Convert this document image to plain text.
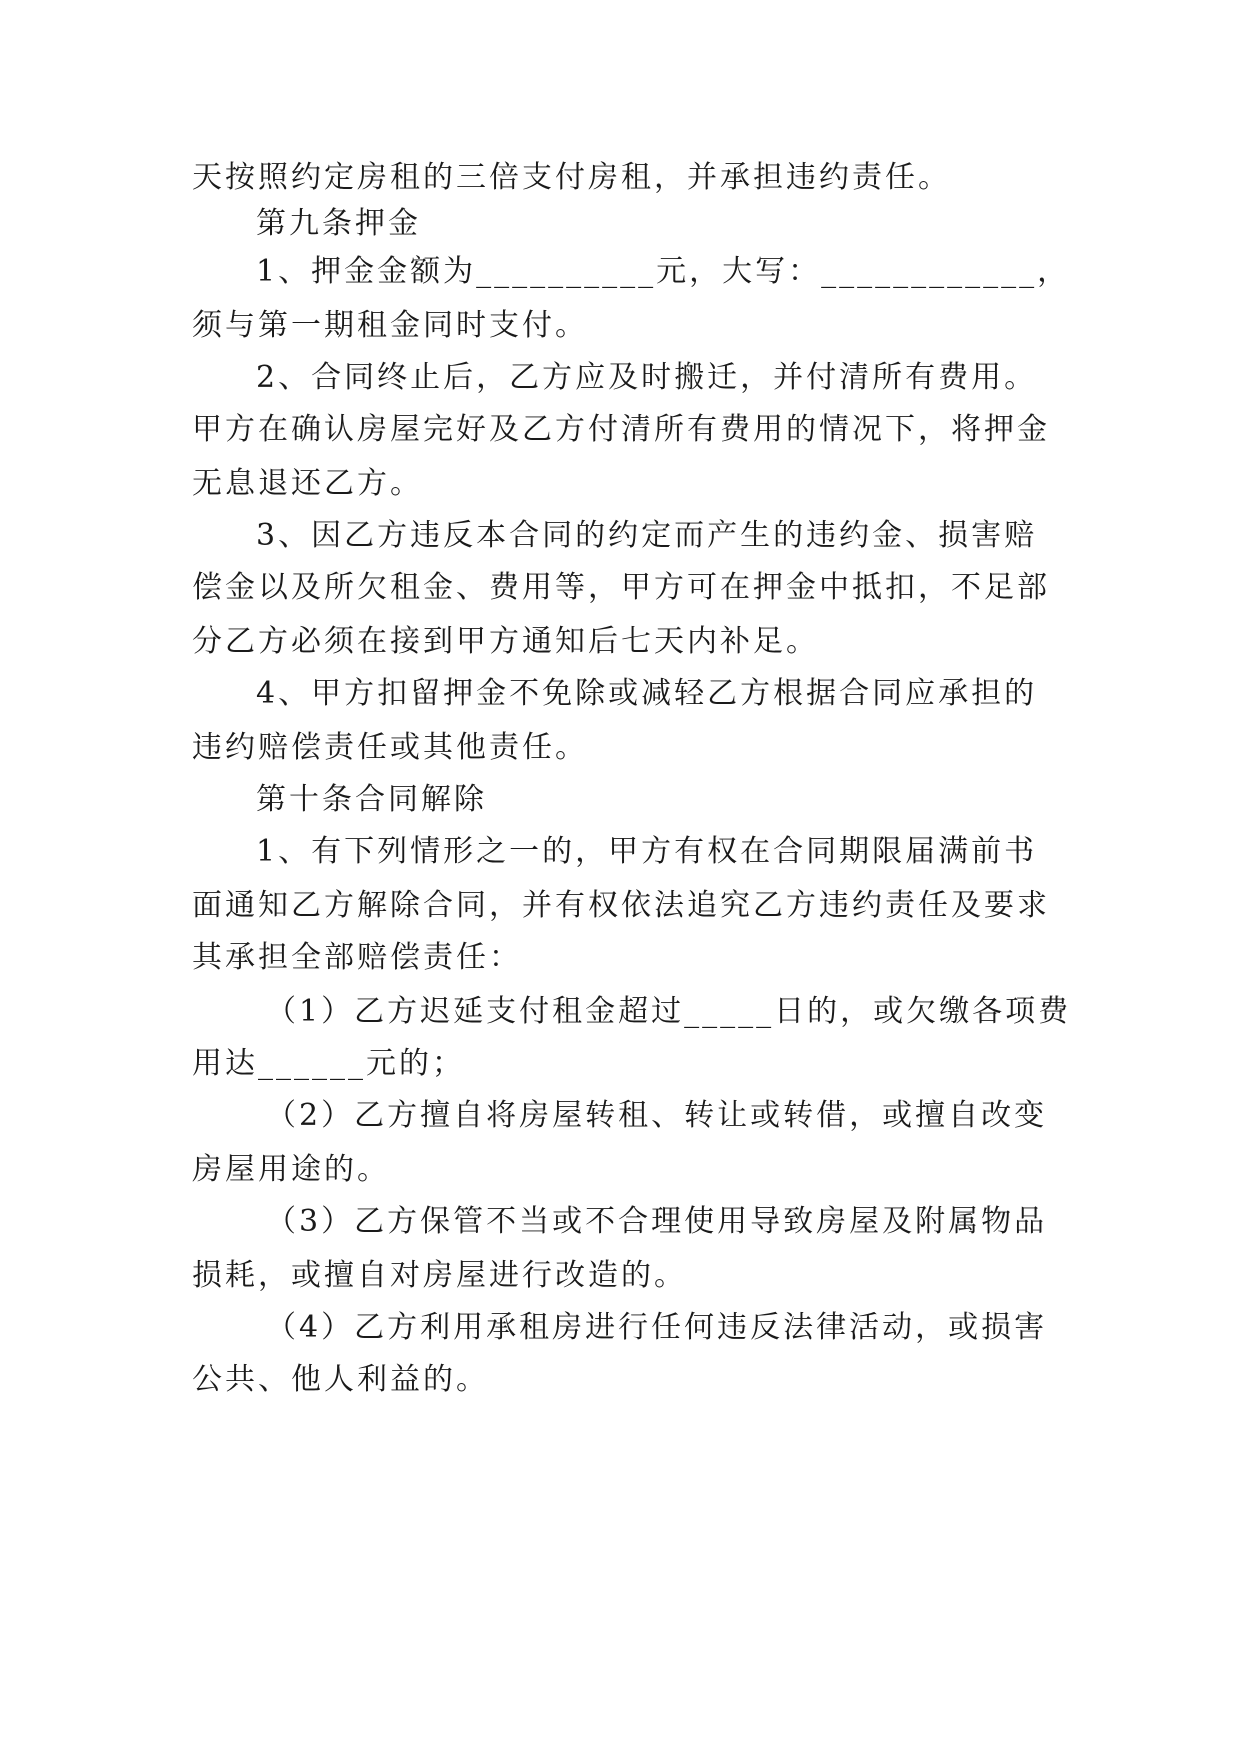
天按照约定房租的三倍支付房租，并承担违约责任。
第九条押金
1、押金金额为__________元，大写：____________，
须与第一期租金同时支付。
2、合同终止后，乙方应及时搬迁，并付清所有费用。
甲方在确认房屋完好及乙方付清所有费用的情况下，将押金
无息退还乙方。
3、因乙方违反本合同的约定而产生的违约金、损害赔
偿金以及所欠租金、费用等，甲方可在押金中抵扣，不足部
分乙方必须在接到甲方通知后七天内补足。
4、甲方扣留押金不免除或减轻乙方根据合同应承担的
违约赔偿责任或其他责任。
第十条合同解除
1、有下列情形之一的，甲方有权在合同期限届满前书
面通知乙方解除合同，并有权依法追究乙方违约责任及要求
其承担全部赔偿责任：
（1）乙方迟延支付租金超过_____日的，或欠缴各项费
用达______元的；
（2）乙方擅自将房屋转租、转让或转借，或擅自改变
房屋用途的。
（3）乙方保管不当或不合理使用导致房屋及附属物品
损耗，或擅自对房屋进行改造的。
（4）乙方利用承租房进行任何违反法律活动，或损害
公共、他人利益的。
